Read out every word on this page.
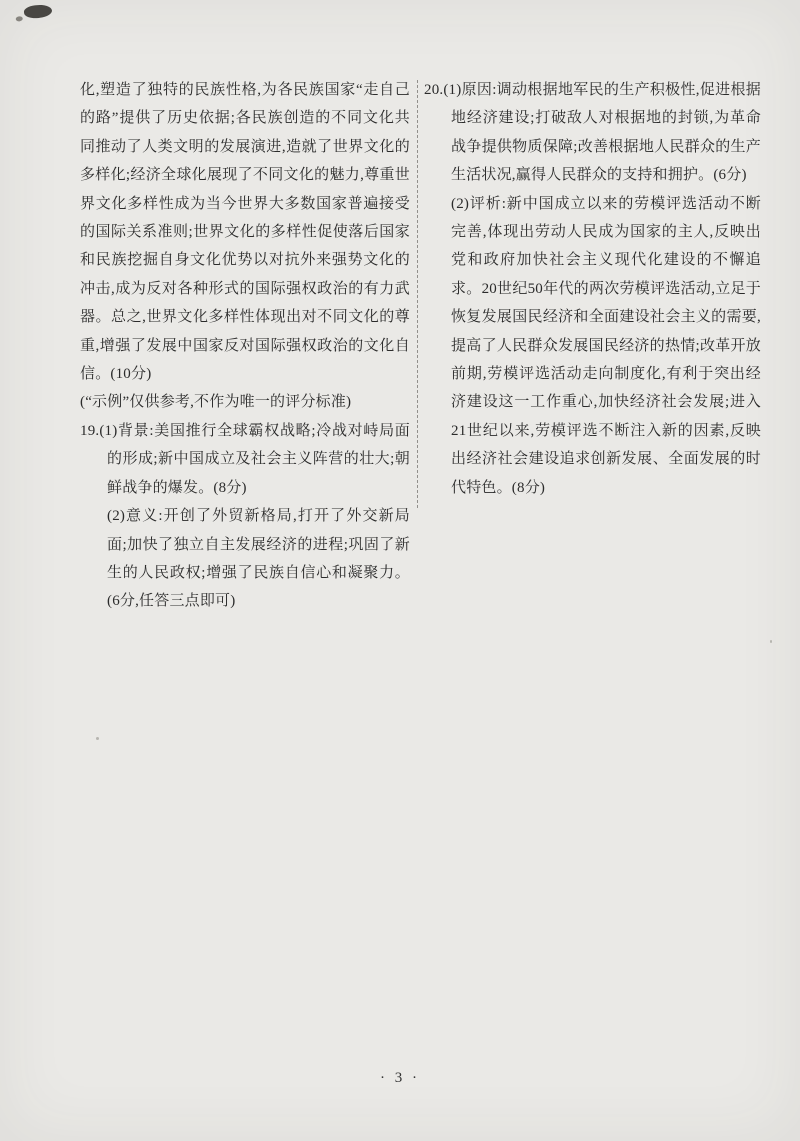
化,塑造了独特的民族性格,为各民族国家“走自己的路”提供了历史依据;各民族创造的不同文化共同推动了人类文明的发展演进,造就了世界文化的多样化;经济全球化展现了不同文化的魅力,尊重世界文化多样性成为当今世界大多数国家普遍接受的国际关系准则;世界文化的多样性促使落后国家和民族挖掘自身文化优势以对抗外来强势文化的冲击,成为反对各种形式的国际强权政治的有力武器。总之,世界文化多样性体现出对不同文化的尊重,增强了发展中国家反对国际强权政治的文化自信。(10分)

(“示例”仅供参考,不作为唯一的评分标准)

19.(1)背景:美国推行全球霸权战略;冷战对峙局面的形成;新中国成立及社会主义阵营的壮大;朝鲜战争的爆发。(8分)

(2)意义:开创了外贸新格局,打开了外交新局面;加快了独立自主发展经济的进程;巩固了新生的人民政权;增强了民族自信心和凝聚力。(6分,任答三点即可)

20.(1)原因:调动根据地军民的生产积极性,促进根据地经济建设;打破敌人对根据地的封锁,为革命战争提供物质保障;改善根据地人民群众的生产生活状况,赢得人民群众的支持和拥护。(6分)

(2)评析:新中国成立以来的劳模评选活动不断完善,体现出劳动人民成为国家的主人,反映出党和政府加快社会主义现代化建设的不懈追求。20世纪50年代的两次劳模评选活动,立足于恢复发展国民经济和全面建设社会主义的需要,提高了人民群众发展国民经济的热情;改革开放前期,劳模评选活动走向制度化,有利于突出经济建设这一工作重心,加快经济社会发展;进入21世纪以来,劳模评选不断注入新的因素,反映出经济社会建设追求创新发展、全面发展的时代特色。(8分)

· 3 ·
